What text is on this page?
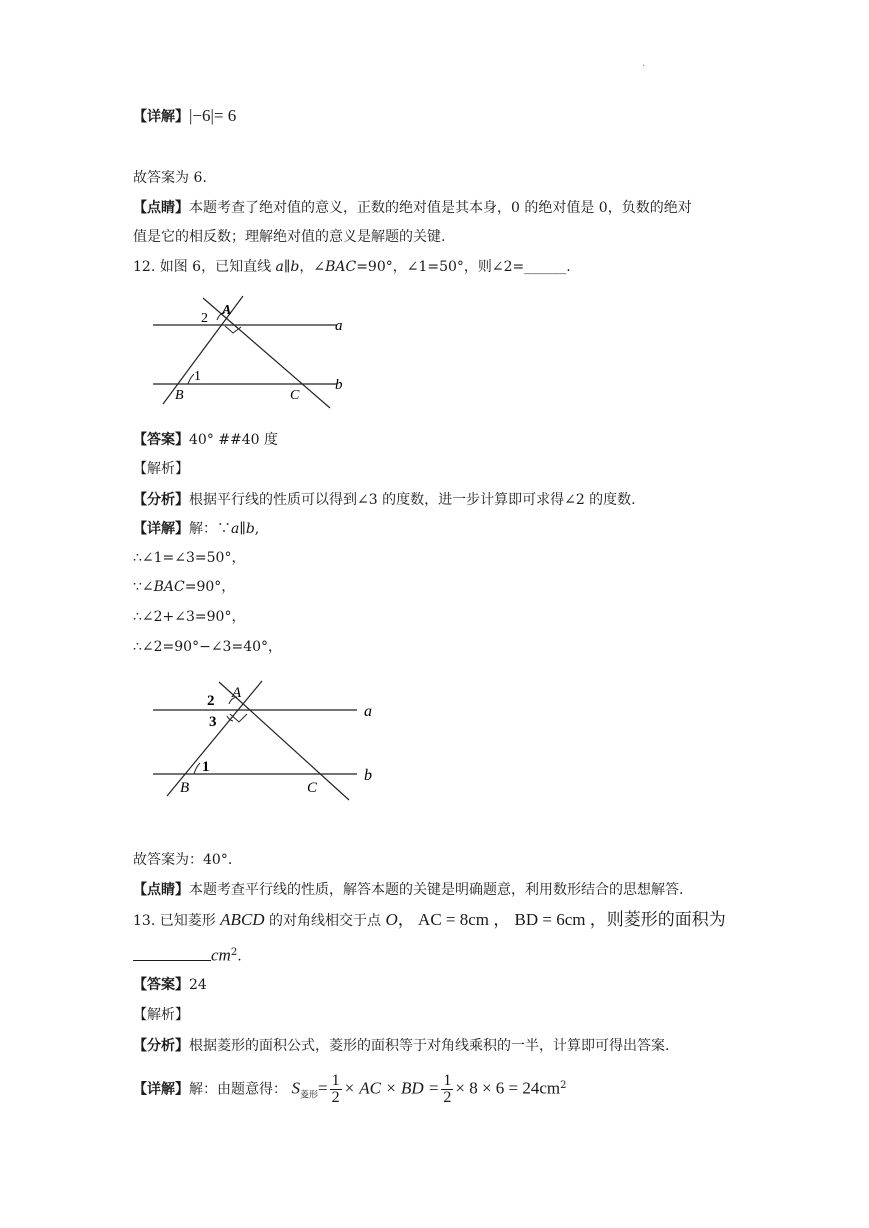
.
【详解】|−6|= 6
故答案为 6.
【点睛】本题考查了绝对值的意义，正数的绝对值是其本身，0 的绝对值是 0，负数的绝对
值是它的相反数；理解绝对值的意义是解题的关键.
12. 如图 6，已知直线 a∥b，∠BAC=90°，∠1=50°，则∠2=______.
a
b
A
B	C
1
2
【答案】40° ##40 度
【解析】
【分析】根据平行线的性质可以得到∠3 的度数，进一步计算即可求得∠2 的度数.
【详解】解：∵a∥b,
∴∠1=∠3=50°，
∵∠BAC=90°，
∴∠2+∠3=90°，
∴∠2=90°−∠3=40°，
a
b
A
B	C
1
2
3
故答案为：40°.
【点睛】本题考查平行线的性质，解答本题的关键是明确题意，利用数形结合的思想解答.
13. 已知菱形 ABCD 的对角线相交于点 O， AC = 8cm ， BD = 6cm ，则菱形的面积为
$cm^2$.
【答案】24
【解析】
【分析】根据菱形的面积公式，菱形的面积等于对角线乘积的一半，计算即可得出答案.
【详解】解：由题意得： $S_{菱形}= \frac{1}{2}$ × AC × BD = $\frac{1}{2} \times 8 \times 6 = 24cm^2$
